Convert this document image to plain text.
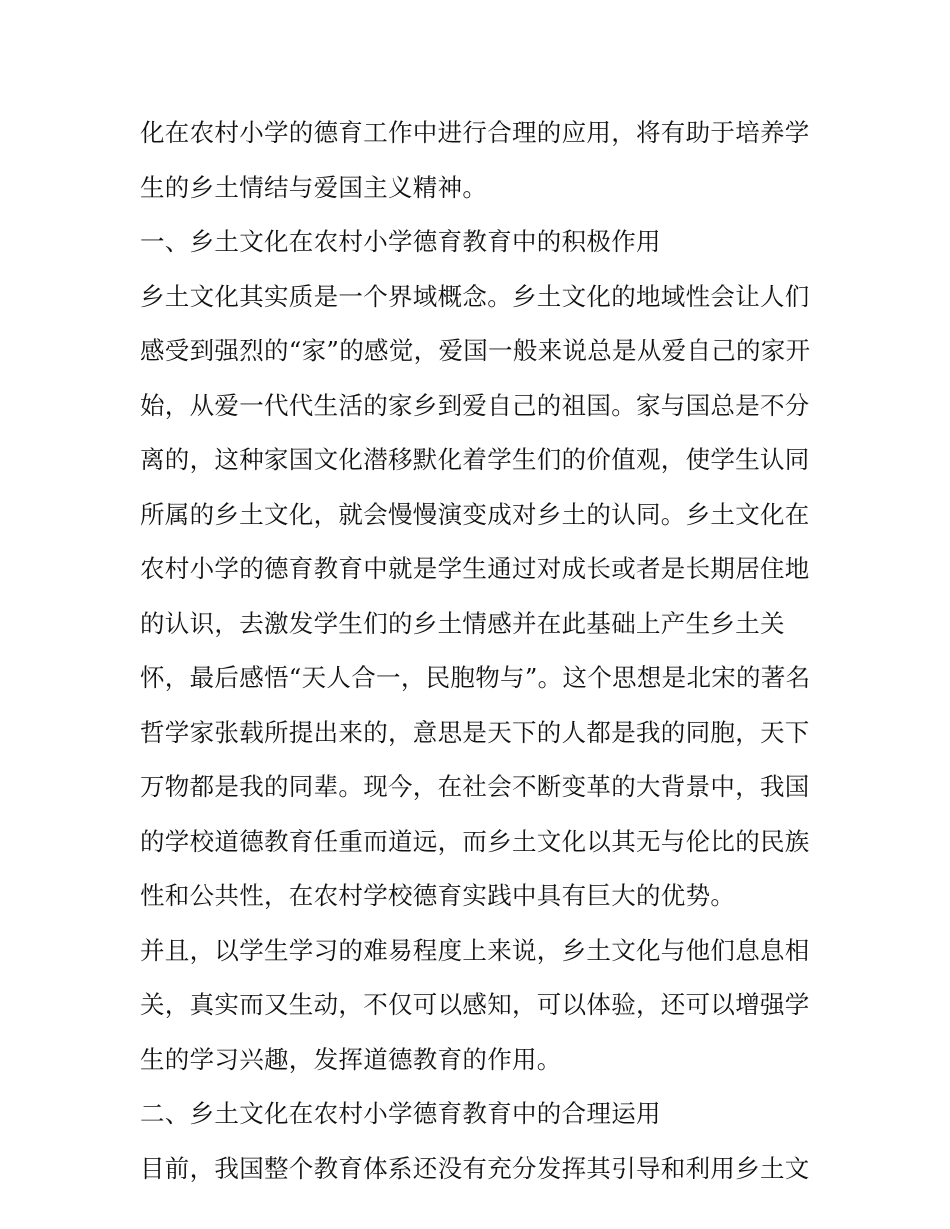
化在农村小学的德育工作中进行合理的应用，将有助于培养学
生的乡土情结与爱国主义精神。
一、乡土文化在农村小学德育教育中的积极作用
乡土文化其实质是一个界域概念。乡土文化的地域性会让人们
感受到强烈的“家”的感觉，爱国一般来说总是从爱自己的家开
始，从爱一代代生活的家乡到爱自己的祖国。家与国总是不分
离的，这种家国文化潜移默化着学生们的价值观，使学生认同
所属的乡土文化，就会慢慢演变成对乡土的认同。乡土文化在
农村小学的德育教育中就是学生通过对成长或者是长期居住地
的认识，去激发学生们的乡土情感并在此基础上产生乡土关
怀，最后感悟“天人合一，民胞物与”。这个思想是北宋的著名
哲学家张载所提出来的，意思是天下的人都是我的同胞，天下
万物都是我的同辈。现今，在社会不断变革的大背景中，我国
的学校道德教育任重而道远，而乡土文化以其无与伦比的民族
性和公共性，在农村学校德育实践中具有巨大的优势。
并且，以学生学习的难易程度上来说，乡土文化与他们息息相
关，真实而又生动，不仅可以感知，可以体验，还可以增强学
生的学习兴趣，发挥道德教育的作用。
二、乡土文化在农村小学德育教育中的合理运用
目前，我国整个教育体系还没有充分发挥其引导和利用乡土文
